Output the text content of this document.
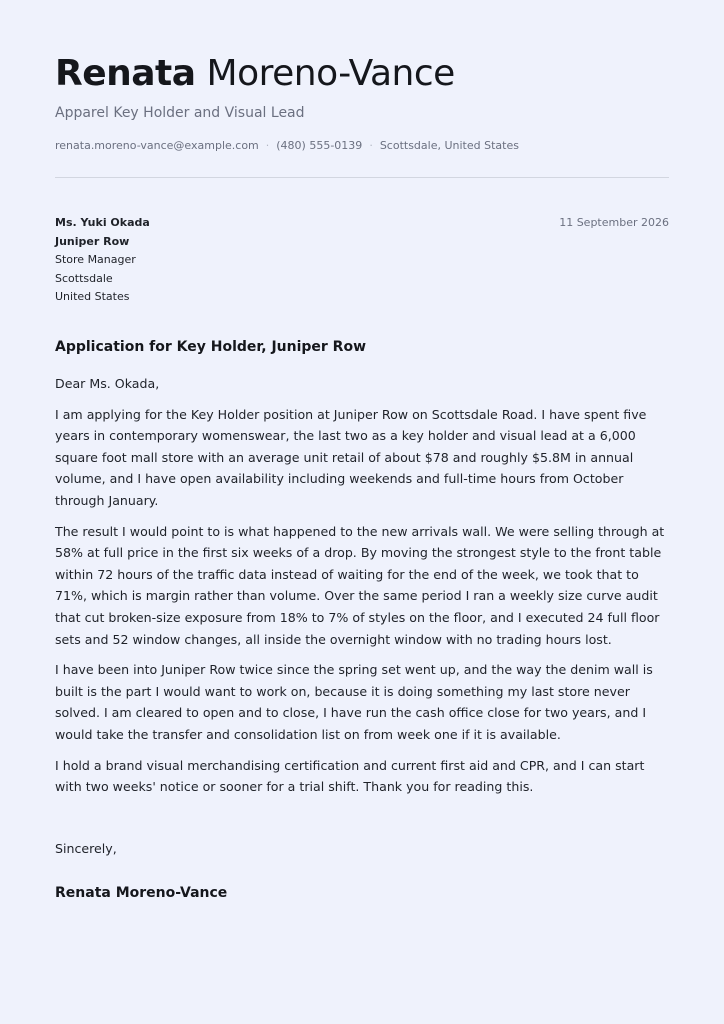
Renata Moreno-Vance
Apparel Key Holder and Visual Lead
renata.moreno-vance@example.com · (480) 555-0139 · Scottsdale, United States
Ms. Yuki Okada
Juniper Row
Store Manager
Scottsdale
United States
11 September 2026
Application for Key Holder, Juniper Row

Dear Ms. Okada,

I am applying for the Key Holder position at Juniper Row on Scottsdale Road. I have spent five years in contemporary womenswear, the last two as a key holder and visual lead at a 6,000 square foot mall store with an average unit retail of about $78 and roughly $5.8M in annual volume, and I have open availability including weekends and full-time hours from October through January.

The result I would point to is what happened to the new arrivals wall. We were selling through at 58% at full price in the first six weeks of a drop. By moving the strongest style to the front table within 72 hours of the traffic data instead of waiting for the end of the week, we took that to 71%, which is margin rather than volume. Over the same period I ran a weekly size curve audit that cut broken-size exposure from 18% to 7% of styles on the floor, and I executed 24 full floor sets and 52 window changes, all inside the overnight window with no trading hours lost.

I have been into Juniper Row twice since the spring set went up, and the way the denim wall is built is the part I would want to work on, because it is doing something my last store never solved. I am cleared to open and to close, I have run the cash office close for two years, and I would take the transfer and consolidation list on from week one if it is available.

I hold a brand visual merchandising certification and current first aid and CPR, and I can start with two weeks' notice or sooner for a trial shift. Thank you for reading this.

Sincerely,
Renata Moreno-Vance
